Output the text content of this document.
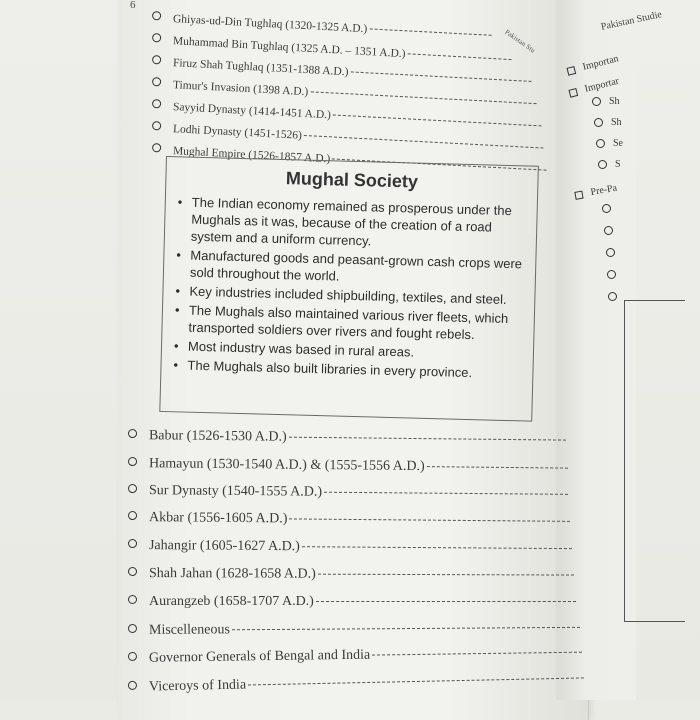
6
Pakistan Stu
Ghiyas-ud-Din Tughlaq (1320-1325 A.D.)
Muhammad Bin Tughlaq (1325 A.D. – 1351 A.D.)
Firuz Shah Tughlaq (1351-1388 A.D.)
Timur's Invasion (1398 A.D.)
Sayyid Dynasty (1414-1451 A.D.)
Lodhi Dynasty (1451-1526)
Mughal Empire (1526-1857 A.D.)
Mughal Society
• The Indian economy remained as prosperous under the Mughals as it was, because of the creation of a road system and a uniform currency.
• Manufactured goods and peasant-grown cash crops were sold throughout the world.
• Key industries included shipbuilding, textiles, and steel.
• The Mughals also maintained various river fleets, which transported soldiers over rivers and fought rebels.
• Most industry was based in rural areas.
• The Mughals also built libraries in every province.
Babur (1526-1530 A.D.)
Hamayun (1530-1540 A.D.) & (1555-1556 A.D.)
Sur Dynasty (1540-1555 A.D.)
Akbar (1556-1605 A.D.)
Jahangir (1605-1627 A.D.)
Shah Jahan (1628-1658 A.D.)
Aurangzeb (1658-1707 A.D.)
Miscelleneous
Governor Generals of Bengal and India
Viceroys of India
Pakistan Studie
Importan
Importar
Sh
Sh
Se
S
Pre-Pa
